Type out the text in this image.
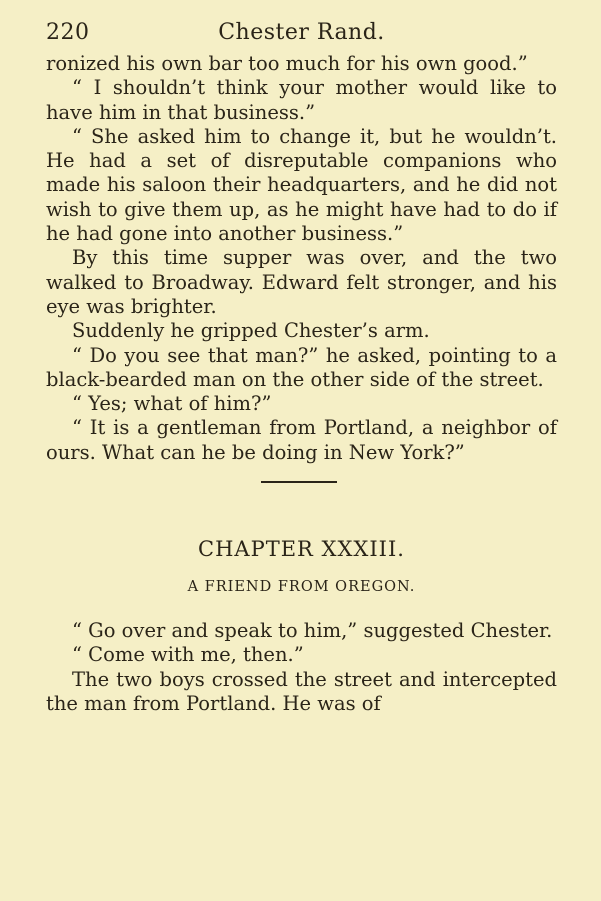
220	Chester Rand.

ronized his own bar too much for his own good.”

“ I shouldn’t think your mother would like to have him in that business.”

“ She asked him to change it, but he wouldn’t. He had a set of disreputable companions who made his saloon their headquarters, and he did not wish to give them up, as he might have had to do if he had gone into another business.”

By this time supper was over, and the two walked to Broadway. Edward felt stronger, and his eye was brighter.

Suddenly he gripped Chester’s arm.

“ Do you see that man?” he asked, pointing to a black-bearded man on the other side of the street.

“ Yes; what of him?”

“ It is a gentleman from Portland, a neighbor of ours. What can he be doing in New York?”

CHAPTER XXXIII.
A FRIEND FROM OREGON.

“ Go over and speak to him,” suggested Chester.

“ Come with me, then.”

The two boys crossed the street and intercepted the man from Portland. He was of
